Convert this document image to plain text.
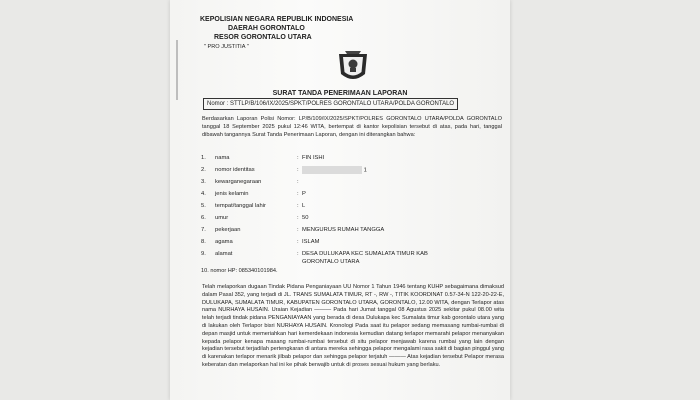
KEPOLISIAN NEGARA REPUBLIK INDONESIA
DAERAH GORONTALO
RESOR GORONTALO UTARA
" PRO JUSTITIA "
SURAT TANDA PENERIMAAN LAPORAN
Nomor : STTLP/B/106/IX/2025/SPKT/POLRES GORONTALO UTARA/POLDA GORONTALO
Berdasarkan Laporan Polisi Nomor: LP/B/109/IX/2025/SPKT/POLRES GORONTALO UTARA/POLDA GORONTALO tanggal 18 September 2025 pukul 12:46 WITA, bertempat di kantor kepolisian tersebut di atas, pada hari, tanggal dibawah tangannya Surat Tanda Penerimaan Laporan, dengan ini diterangkan bahwa:
1.	nama	: FIN ISHI
2.	nomor identitas	:	1
3.	kewarganegaraan	:
4.	jenis kelamin	: P
5.	tempat/tanggal lahir	: L
6.	umur	: 50
7.	pekerjaan	: MENGURUS RUMAH TANGGA
8.	agama	: ISLAM
9.	alamat	: DESA DULUKAPA KEC SUMALATA TIMUR KAB GORONTALO UTARA
10. nomor HP: 085340101984.
Telah melaporkan dugaan Tindak Pidana Penganiayaan UU Nomor 1 Tahun 1946 tentang KUHP sebagaimana dimaksud dalam Pasal 352, yang terjadi di JL. TRANS SUMALATA TIMUR, RT -, RW -, TITIK KOORDINAT 0.57-34-N 122-20-22-E, DULUKAPA, SUMALATA TIMUR, KABUPATEN GORONTALO UTARA, GORONTALO, 12.00 WITA, dengan Terlapor atas nama NURHAYA HUSAIN. Uraian Kejadian ——— Pada hari Jumat tanggal 08 Agustus 2025 sekitar pukul 08.00 wita telah terjadi tindak pidana PENGANIAYAAN yang berada di desa Dulukapa kec Sumalata timur kab gorontalo utara yang di lakukan oleh Terlapor bisri NURHAYA HUSAIN. Kronologi Pada saat itu pelapor sedang memasang rumbai-rumbai di depan masjid untuk memeriahkan hari kemerdekaan indonesia kemudian datang terlapor memarahi pelapor menanyakan kepada pelapor kenapa masang rumbai-rumbai tersebut di situ pelapor menjawab karena rumbai yang lain dengan kejadian tersebut terjadilah pertengkaran di antara mereka sehingga pelapor mengalami rasa sakit di bagian pinggul yang di karenakan terlapor menarik jilbab pelapor dan sehingga pelapor terjatuh ——— Atas kejadian tersebut Pelapor merasa keberatan dan melaporkan hal ini ke pihak berwajib untuk di proses sesuai hukum yang berlaku.
